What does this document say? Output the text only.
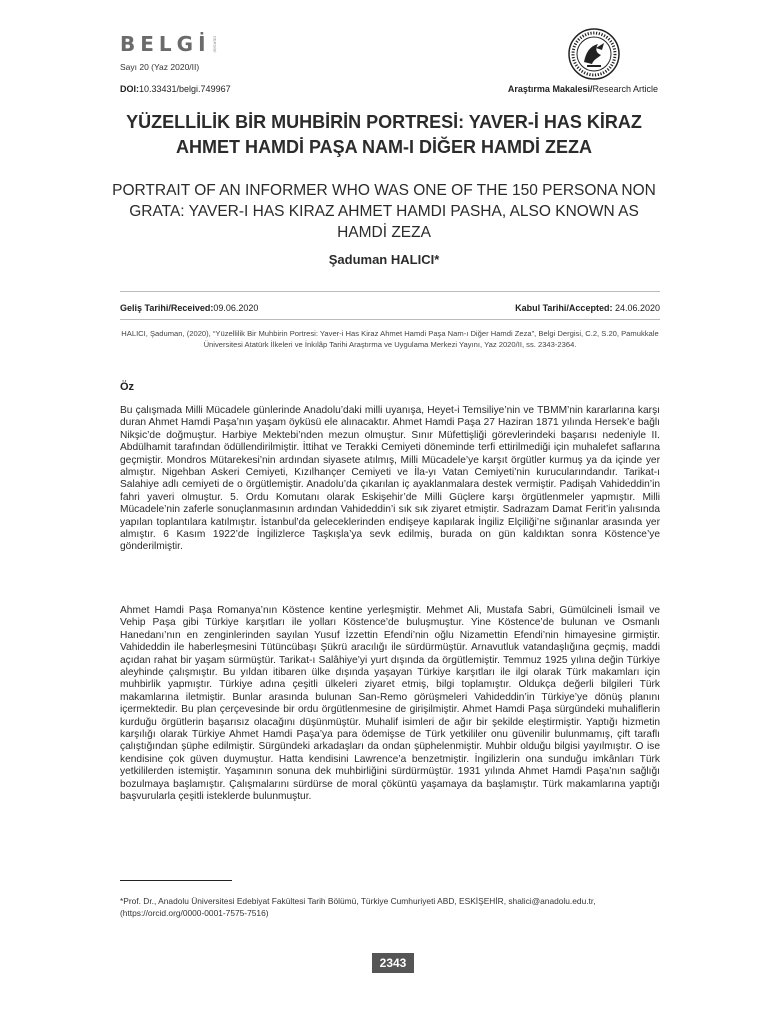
BELGİ DERGİSİ
Sayı 20 (Yaz 2020/II)
DOI:10.33431/belgi.749967	Araştırma Makalesi/Research Article
YÜZELLİLİK BİR MUHBİRİN PORTRESİ: YAVER-İ HAS KİRAZ AHMET HAMDİ PAŞA NAM-I DİĞER HAMDİ ZEZA
PORTRAIT OF AN INFORMER WHO WAS ONE OF THE 150 PERSONA NON GRATA: YAVER-I HAS KIRAZ AHMET HAMDI PASHA, ALSO KNOWN AS HAMDİ ZEZA
Şaduman HALICI*
Geliş Tarihi/Received:09.06.2020	Kabul Tarihi/Accepted: 24.06.2020
HALICI, Şaduman, (2020), “Yüzellilik Bir Muhbirin Portresi: Yaver-i Has Kiraz Ahmet Hamdi Paşa Nam-ı Diğer Hamdi Zeza”, Belgi Dergisi, C.2, S.20, Pamukkale Üniversitesi Atatürk İlkeleri ve İnkılâp Tarihi Araştırma ve Uygulama Merkezi Yayını, Yaz 2020/II, ss. 2343-2364.
Öz
Bu çalışmada Milli Mücadele günlerinde Anadolu’daki milli uyanışa, Heyet-i Temsiliye’nin ve TBMM’nin kararlarına karşı duran Ahmet Hamdi Paşa’nın yaşam öyküsü ele alınacaktır. Ahmet Hamdi Paşa 27 Haziran 1871 yılında Hersek’e bağlı Nikşic’de doğmuştur. Harbiye Mektebi’nden mezun olmuştur. Sınır Müfettişliği görevlerindeki başarısı nedeniyle II. Abdülhamit tarafından ödüllendirilmiştir. İttihat ve Terakki Cemiyeti döneminde terfi ettirilmediği için muhalefet saflarına geçmiştir. Mondros Mütarekesi’nin ardından siyasete atılmış, Milli Mücadele’ye karşıt örgütler kurmuş ya da içinde yer almıştır. Nigehban Askeri Cemiyeti, Kızılhançer Cemiyeti ve İla-yı Vatan Cemiyeti’nin kurucularındandır. Tarikat-ı Salahiye adlı cemiyeti de o örgütlemiştir. Anadolu’da çıkarılan iç ayaklanmalara destek vermiştir. Padişah Vahideddin’in fahri yaveri olmuştur. 5. Ordu Komutanı olarak Eskişehir’de Milli Güçlere karşı örgütlenmeler yapmıştır. Milli Mücadele’nin zaferle sonuçlanmasının ardından Vahideddin’i sık sık ziyaret etmiştir. Sadrazam Damat Ferit’in yalısında yapılan toplantılara katılmıştır. İstanbul’da geleceklerinden endişeye kapılarak İngiliz Elçiliği’ne sığınanlar arasında yer almıştır. 6 Kasım 1922’de İngilizlerce Taşkışla’ya sevk edilmiş, burada on gün kaldıktan sonra Köstence’ye gönderilmiştir.
Ahmet Hamdi Paşa Romanya’nın Köstence kentine yerleşmiştir. Mehmet Ali, Mustafa Sabri, Gümülcineli İsmail ve Vehip Paşa gibi Türkiye karşıtları ile yolları Köstence’de buluşmuştur. Yine Köstence’de bulunan ve Osmanlı Hanedanı’nın en zenginlerinden sayılan Yusuf İzzettin Efendi’nin oğlu Nizamettin Efendi’nin himayesine girmiştir. Vahideddin ile haberleşmesini Tütüncübaşı Şükrü aracılığı ile sürdürmüştür. Arnavutluk vatandaşlığına geçmiş, maddi açıdan rahat bir yaşam sürmüştür. Tarikat-ı Salâhiye’yi yurt dışında da örgütlemiştir. Temmuz 1925 yılına değin Türkiye aleyhinde çalışmıştır. Bu yıldan itibaren ülke dışında yaşayan Türkiye karşıtları ile ilgi olarak Türk makamları için muhbirlik yapmıştır. Türkiye adına çeşitli ülkeleri ziyaret etmiş, bilgi toplamıştır. Oldukça değerli bilgileri Türk makamlarına iletmiştir. Bunlar arasında bulunan San-Remo görüşmeleri Vahideddin’in Türkiye’ye dönüş planını içermektedir. Bu plan çerçevesinde bir ordu örgütlenmesine de girişilmiştir. Ahmet Hamdi Paşa sürgündeki muhaliflerin kurduğu örgütlerin başarısız olacağını düşünmüştür. Muhalif isimleri de ağır bir şekilde eleştirmiştir. Yaptığı hizmetin karşılığı olarak Türkiye Ahmet Hamdi Paşa’ya para ödemişse de Türk yetkililer onu güvenilir bulunmamış, çift taraflı çalıştığından şüphe edilmiştir. Sürgündeki arkadaşları da ondan şüphelenmiştir. Muhbir olduğu bilgisi yayılmıştır. O ise kendisine çok güven duymuştur. Hatta kendisini Lawrence’a benzetmiştir. İngilizlerin ona sunduğu imkânları Türk yetkililerden istemiştir. Yaşamının sonuna dek muhbirliğini sürdürmüştür. 1931 yılında Ahmet Hamdi Paşa’nın sağlığı bozulmaya başlamıştır. Çalışmalarını sürdürse de moral çöküntü yaşamaya da başlamıştır. Türk makamlarına yaptığı başvurularla çeşitli isteklerde bulunmuştur.
*Prof. Dr., Anadolu Üniversitesi Edebiyat Fakültesi Tarih Bölümü, Türkiye Cumhuriyeti ABD, ESKİŞEHİR, shalici@anadolu.edu.tr, (https://orcid.org/0000-0001-7575-7516)
2343
